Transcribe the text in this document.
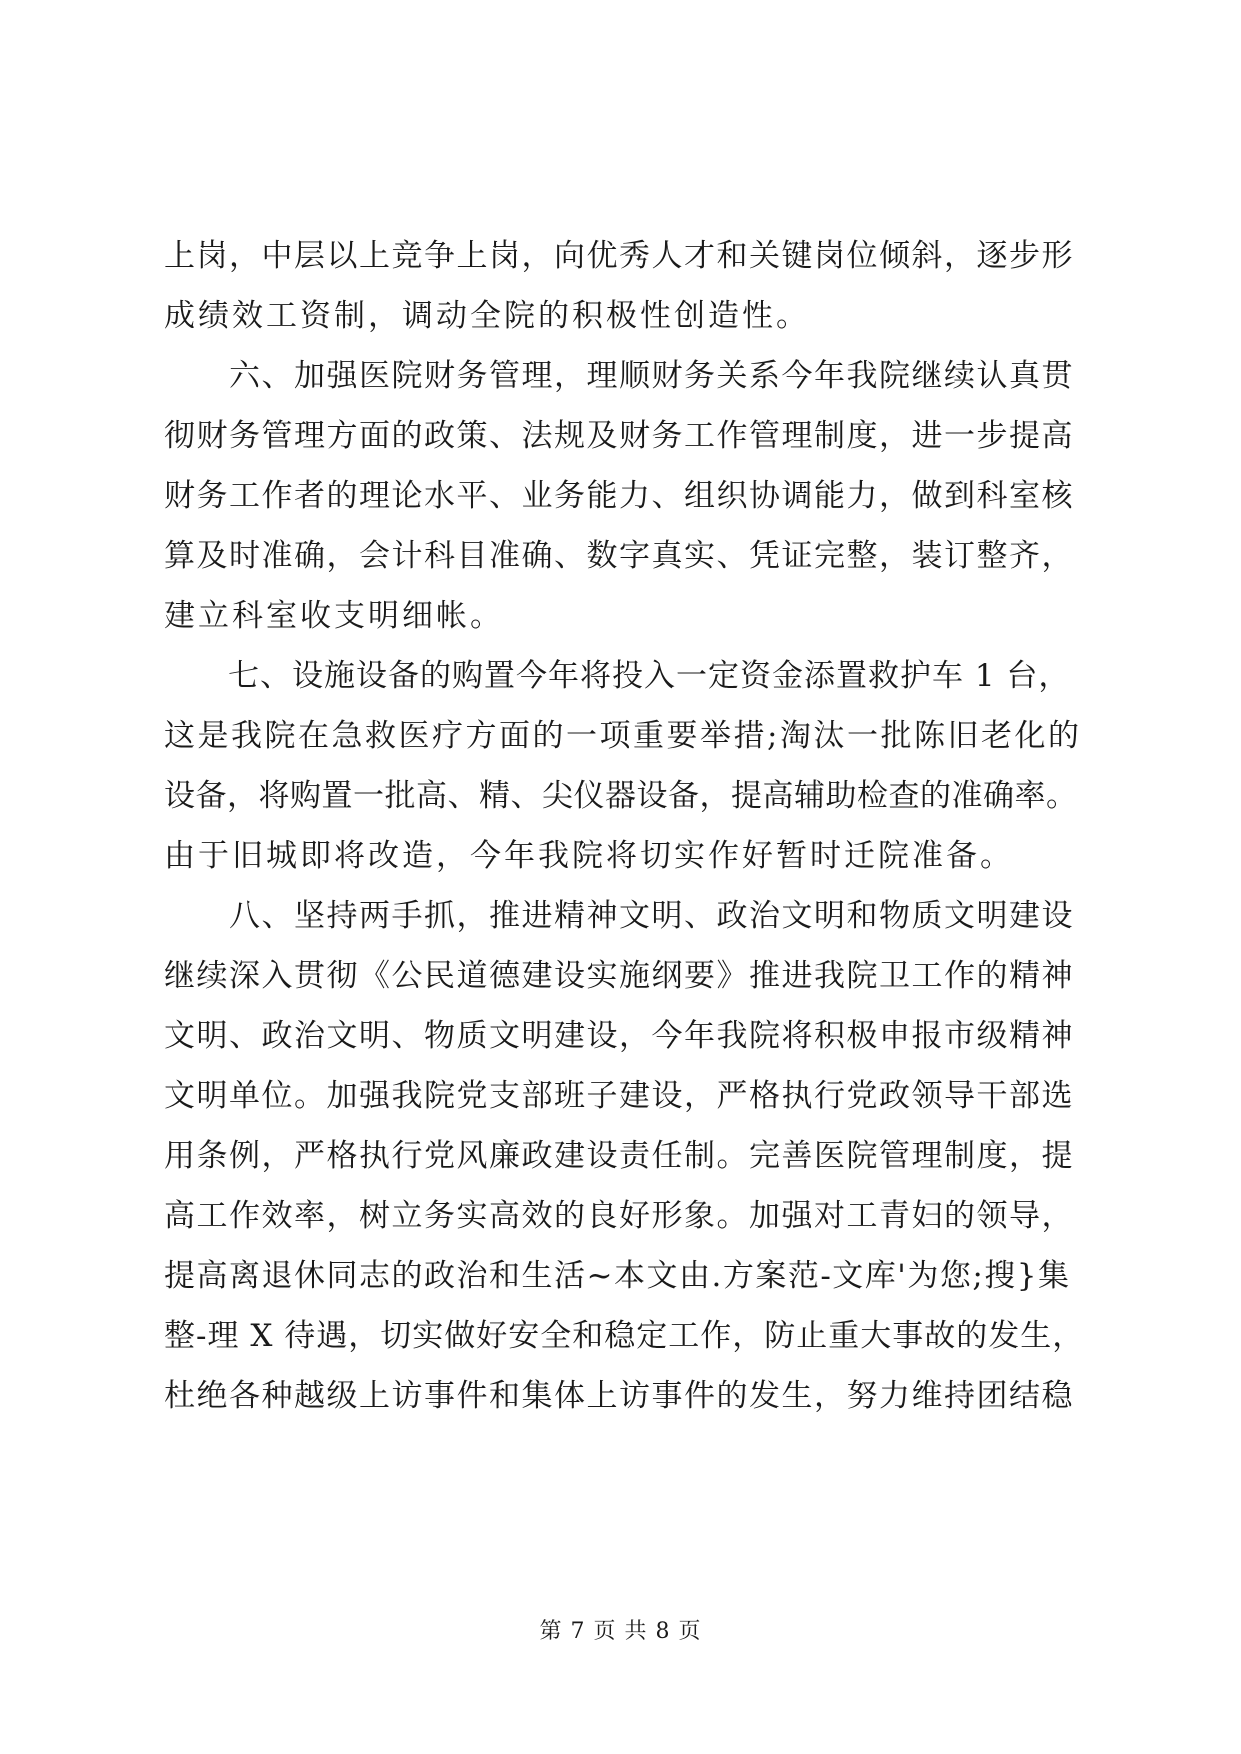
上岗，中层以上竞争上岗，向优秀人才和关键岗位倾斜，逐步形
成绩效工资制，调动全院的积极性创造性。
　　六、加强医院财务管理，理顺财务关系今年我院继续认真贯
彻财务管理方面的政策、法规及财务工作管理制度，进一步提高
财务工作者的理论水平、业务能力、组织协调能力，做到科室核
算及时准确，会计科目准确、数字真实、凭证完整，装订整齐，
建立科室收支明细帐。
　　七、设施设备的购置今年将投入一定资金添置救护车 1 台，
这是我院在急救医疗方面的一项重要举措;淘汰一批陈旧老化的
设备，将购置一批高、精、尖仪器设备，提高辅助检查的准确率。
由于旧城即将改造，今年我院将切实作好暂时迁院准备。
　　八、坚持两手抓，推进精神文明、政治文明和物质文明建设
继续深入贯彻《公民道德建设实施纲要》推进我院卫工作的精神
文明、政治文明、物质文明建设，今年我院将积极申报市级精神
文明单位。加强我院党支部班子建设，严格执行党政领导干部选
用条例，严格执行党风廉政建设责任制。完善医院管理制度，提
高工作效率，树立务实高效的良好形象。加强对工青妇的领导，
提高离退休同志的政治和生活~本文由.方案范-文库'为您;搜}集
整-理 X 待遇，切实做好安全和稳定工作，防止重大事故的发生，
杜绝各种越级上访事件和集体上访事件的发生，努力维持团结稳
第 7 页 共 8 页
